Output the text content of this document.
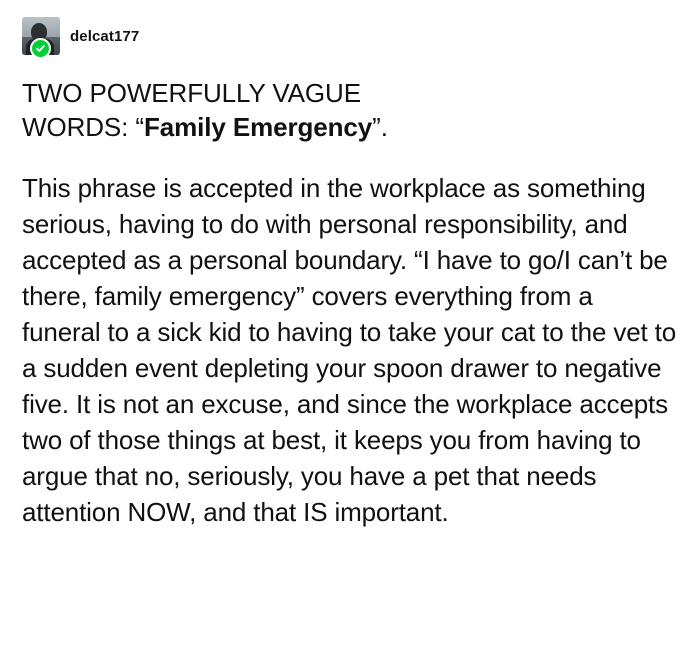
delcat177
TWO POWERFULLY VAGUE
WORDS: “Family Emergency”.

This phrase is accepted in the workplace as something serious, having to do with personal responsibility, and accepted as a personal boundary. “I have to go/I can’t be there, family emergency” covers everything from a funeral to a sick kid to having to take your cat to the vet to a sudden event depleting your spoon drawer to negative five. It is not an excuse, and since the workplace accepts two of those things at best, it keeps you from having to argue that no, seriously, you have a pet that needs attention NOW, and that IS important.
